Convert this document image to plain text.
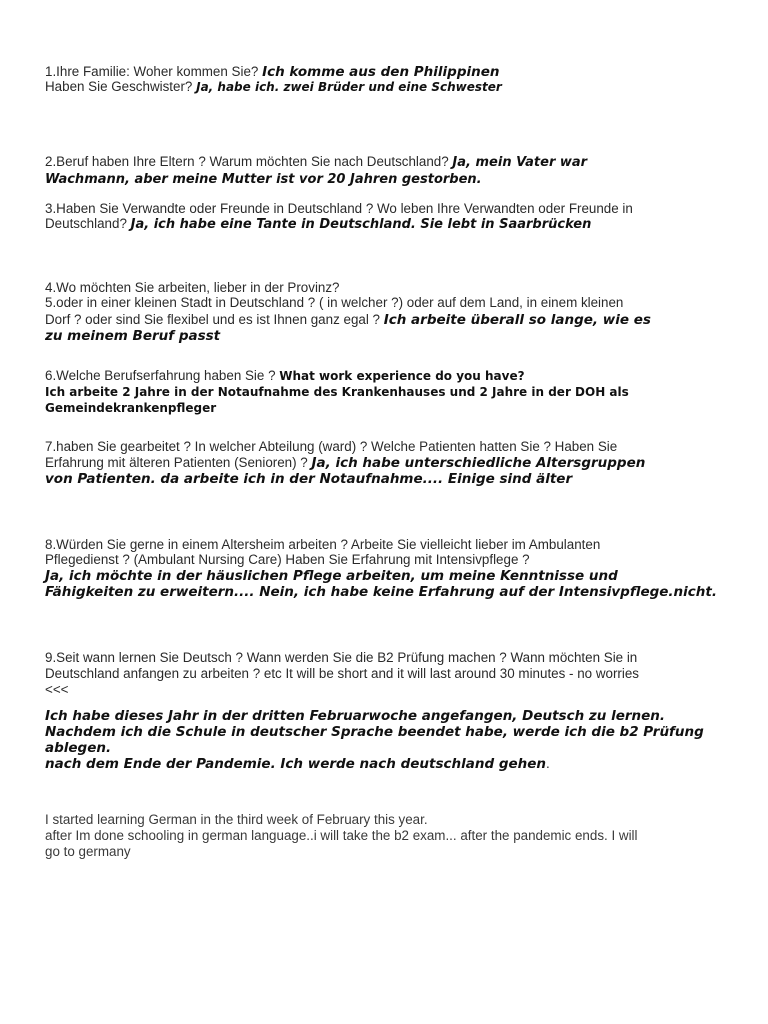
1.Ihre Familie: Woher kommen Sie? Ich komme aus den Philippinen
Haben Sie Geschwister? Ja, habe ich. zwei Brüder und eine Schwester
2.Beruf haben Ihre Eltern ? Warum möchten Sie nach Deutschland? Ja, mein Vater war
Wachmann, aber meine Mutter ist vor 20 Jahren gestorben.
3.Haben Sie Verwandte oder Freunde in Deutschland ? Wo leben Ihre Verwandten oder Freunde in
Deutschland? Ja, ich habe eine Tante in Deutschland. Sie lebt in Saarbrücken
4.Wo möchten Sie arbeiten, lieber in der Provinz?
5.oder in einer kleinen Stadt in Deutschland ? ( in welcher ?) oder auf dem Land, in einem kleinen
Dorf ? oder sind Sie flexibel und es ist Ihnen ganz egal ? Ich arbeite überall so lange, wie es
zu meinem Beruf passt
6.Welche Berufserfahrung haben Sie ? What work experience do you have?
Ich arbeite 2 Jahre in der Notaufnahme des Krankenhauses und 2 Jahre in der DOH als
Gemeindekrankenpfleger
7.haben Sie gearbeitet ? In welcher Abteilung (ward) ? Welche Patienten hatten Sie ? Haben Sie
Erfahrung mit älteren Patienten (Senioren) ? Ja, ich habe unterschiedliche Altersgruppen
von Patienten. da arbeite ich in der Notaufnahme.... Einige sind älter
8.Würden Sie gerne in einem Altersheim arbeiten ? Arbeite Sie vielleicht lieber im Ambulanten
Pflegedienst ? (Ambulant Nursing Care) Haben Sie Erfahrung mit Intensivpflege ?
Ja, ich möchte in der häuslichen Pflege arbeiten, um meine Kenntnisse und
Fähigkeiten zu erweitern.... Nein, ich habe keine Erfahrung auf der Intensivpflege.nicht.
9.Seit wann lernen Sie Deutsch ? Wann werden Sie die B2 Prüfung machen ? Wann möchten Sie in
Deutschland anfangen zu arbeiten ? etc It will be short and it will last around 30 minutes - no worries
<<<
Ich habe dieses Jahr in der dritten Februarwoche angefangen, Deutsch zu lernen.
Nachdem ich die Schule in deutscher Sprache beendet habe, werde ich die b2 Prüfung
ablegen.
nach dem Ende der Pandemie. Ich werde nach deutschland gehen.
I started learning German in the third week of February this year.
after Im done schooling in german language..i will take the b2 exam... after the pandemic ends. I will
go to germany
